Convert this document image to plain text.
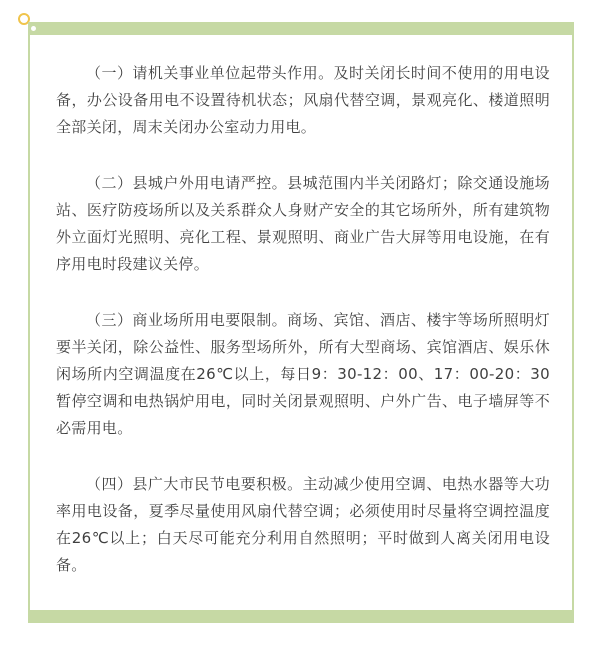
（一）请机关事业单位起带头作用。及时关闭长时间不使用的用电设备，办公设备用电不设置待机状态；风扇代替空调，景观亮化、楼道照明全部关闭，周末关闭办公室动力用电。

（二）县城户外用电请严控。县城范围内半关闭路灯；除交通设施场站、医疗防疫场所以及关系群众人身财产安全的其它场所外，所有建筑物外立面灯光照明、亮化工程、景观照明、商业广告大屏等用电设施，在有序用电时段建议关停。

（三）商业场所用电要限制。商场、宾馆、酒店、楼宇等场所照明灯要半关闭，除公益性、服务型场所外，所有大型商场、宾馆酒店、娱乐休闲场所内空调温度在26℃以上，每日9：30-12：00、17：00-20：30暂停空调和电热锅炉用电，同时关闭景观照明、户外广告、电子墙屏等不必需用电。

（四）县广大市民节电要积极。主动减少使用空调、电热水器等大功率用电设备，夏季尽量使用风扇代替空调；必须使用时尽量将空调控温度在26℃以上；白天尽可能充分利用自然照明；平时做到人离关闭用电设备。
